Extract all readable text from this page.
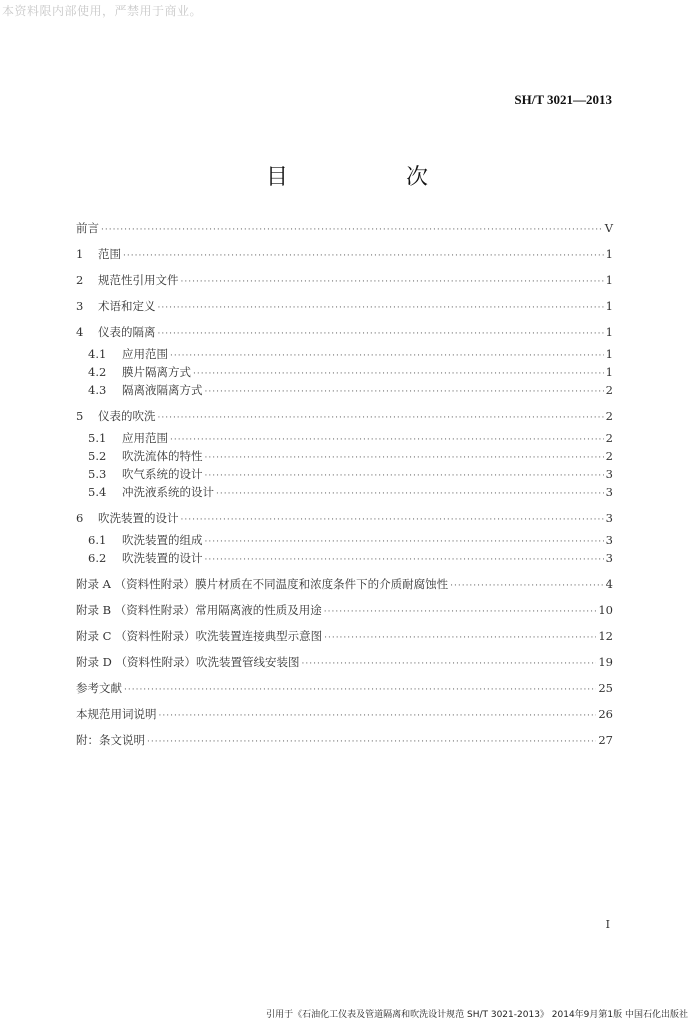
本资料限内部使用，严禁用于商业。
SH/T 3021—2013
目　次
前言 ·····	V
1 范围 ·····	1
2 规范性引用文件 ·····	1
3 术语和定义 ·····	1
4 仪表的隔离 ·····	1
4.1 应用范围 ·····	1
4.2 膜片隔离方式 ·····	1
4.3 隔离液隔离方式 ·····	2
5 仪表的吹洗 ·····	2
5.1 应用范围 ·····	2
5.2 吹洗流体的特性 ·····	2
5.3 吹气系统的设计 ·····	3
5.4 冲洗液系统的设计 ·····	3
6 吹洗装置的设计 ·····	3
6.1 吹洗装置的组成 ·····	3
6.2 吹洗装置的设计 ·····	3
附录 A （资料性附录）膜片材质在不同温度和浓度条件下的介质耐腐蚀性 ·····	4
附录 B （资料性附录）常用隔离液的性质及用途 ·····	10
附录 C （资料性附录）吹洗装置连接典型示意图 ·····	12
附录 D （资料性附录）吹洗装置管线安装图 ·····	19
参考文献 ·····	25
本规范用词说明 ·····	26
附：条文说明 ·····	27
I
引用于《石油化工仪表及管道隔离和吹洗设计规范 SH/T 3021-2013》 2014年9月第1版 中国石化出版社
